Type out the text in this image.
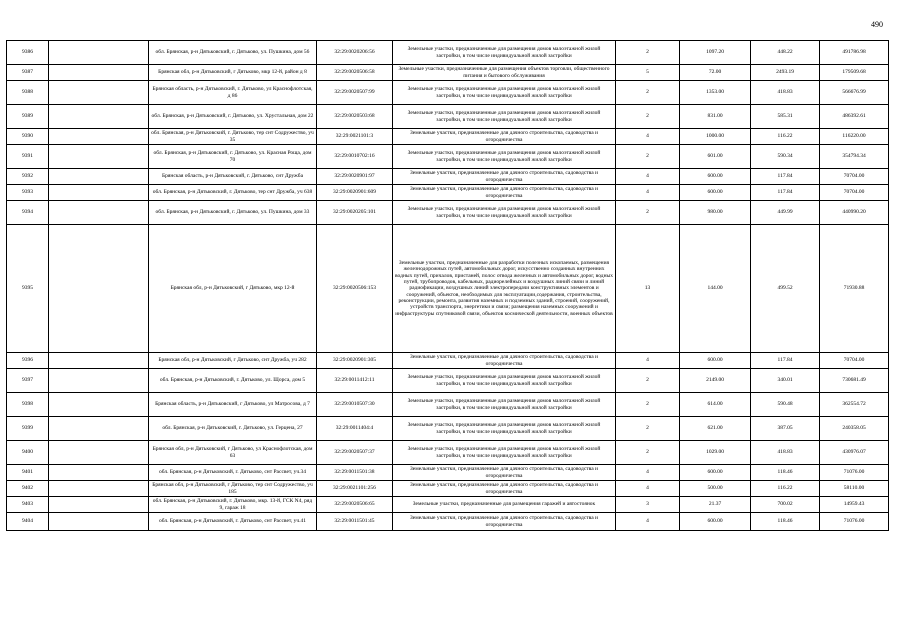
490
9386		обл. Брянская, р-н Дятьковский, г. Дятьково, ул. Пушкина, дом 56	32:29:0020206:56	Земельные участки, предназначенные для размещения домов малоэтажной жилой застройки, в том числе индивидуальной жилой застройки	2	1097.20	448.22	491786.98
9387		Брянская обл, р-н Дятьковский, г Дятьково, мкр 12-й, район д 8	32:29:0020506:58	Земельные участки, предназначенные для размещения объектов торговли, общественного питания и бытового обслуживания	5	72.00	2493.19	179509.68
9388		Брянская область, р-н Дятьковский, г. Дятьково, ул Краснофлотская, д 86	32:29:0020507:99	Земельные участки, предназначенные для размещения домов малоэтажной жилой застройки, в том числе индивидуальной жилой застройки	2	1353.00	418.83	566676.99
9389		обл. Брянская, р-н Дятьковский, г. Дятьково, ул. Хрустальная, дом 22	32:29:0020503:68	Земельные участки, предназначенные для размещения домов малоэтажной жилой застройки, в том числе индивидуальной жилой застройки	2	831.00	585.31	486392.61
9390		обл. Брянская, р-н Дятьковский, г. Дятьково, тер снт Содружество, уч 35	32:29:0021101:3	Земельные участки, предназначенные для дачного строительства, садоводства и огородничества	4	1000.00	116.22	116220.00
9391		обл. Брянская, р-н Дятьковский, г. Дятьково, ул. Красная Роща, дом 70	32:29:0010702:16	Земельные участки, предназначенные для размещения домов малоэтажной жилой застройки, в том числе индивидуальной жилой застройки	2	601.00	590.34	354794.34
9392		Брянская область, р-н Дятьковский, г. Дятьково, снт Дружба	32:29:0020901:97	Земельные участки, предназначенные для дачного строительства, садоводства и огородничества	4	600.00	117.84	70704.00
9393		обл. Брянская, р-н Дятьковский, г. Дятьково, тер снт Дружба, уч 638	32:29:0020901:609	Земельные участки, предназначенные для дачного строительства, садоводства и огородничества	4	600.00	117.84	70704.00
9394		обл. Брянская, р-н Дятьковский, г. Дятьково, ул. Пушкина, дом 33	32:29:0020205:101	Земельные участки, предназначенные для размещения домов малоэтажной жилой застройки, в том числе индивидуальной жилой застройки	2	980.00	449.99	440990.20
9395		Брянская обл, р-н Дятьковский, г Дятьково, мкр 12-й	32:29:0020506:153	Земельные участки, предназначенные для разработки полезных ископаемых, размещения железнодорожных путей, автомобильных дорог, искусственно созданных внутренних водных путей, причалов, пристаней, полос отвода железных и автомобильных дорог, водных путей, трубопроводов, кабельных, радиорелейных и воздушных линий связи и линий радиофикации, воздушных линий электропередачи конструктивных элементов и сооружений, объектов, необходимых для эксплуатации,содержания, строительства, реконструкции, ремонта, развития наземных и подземных зданий, строений, сооружений, устройств транспорта, энергетики и связи; размещения наземных сооружений и инфраструктуры спутниковой связи, объектов космической деятельности, военных объектов	13	144.00	499.52	71930.88
9396		Брянская обл, р-н Дятьковский, г Дятьково, снт Дружба, уч 282	32:29:0020901:305	Земельные участки, предназначенные для дачного строительства, садоводства и огородничества	4	600.00	117.84	70704.00
9397		обл. Брянская, р-н Дятьковский, г. Дятьково, ул. Щорса, дом 5	32:29:0011412:11	Земельные участки, предназначенные для размещения домов малоэтажной жилой застройки, в том числе индивидуальной жилой застройки	2	2149.00	340.01	730681.49
9398		Брянская область, р-н Дятьковский, г Дятьково, ул Матросова, д 7	32:29:0010507:30	Земельные участки, предназначенные для размещения домов малоэтажной жилой застройки, в том числе индивидуальной жилой застройки	2	614.00	590.48	362554.72
9399		обл. Брянская, р-н Дятьковский, г. Дятьково, ул. Герцена, 27	32:29:0011404:4	Земельные участки, предназначенные для размещения домов малоэтажной жилой застройки, в том числе индивидуальной жилой застройки	2	621.00	387.05	240358.05
9400		Брянская обл, р-н Дятьковский, г Дятьково, ул Краснофлотская, дом 63	32:29:0020507:37	Земельные участки, предназначенные для размещения домов малоэтажной жилой застройки, в том числе индивидуальной жилой застройки	2	1029.00	418.83	430976.07
9401		обл. Брянская, р-н Дятьковский, г. Дятьково, снт Рассвет, уч.34	32:29:0011501:38	Земельные участки, предназначенные для дачного строительства, садоводства и огородничества	4	600.00	118.46	71076.00
9402		Брянская обл, р-н Дятьковский, г Дятьково, тер снт Содружество, уч 185	32:29:0021101:256	Земельные участки, предназначенные для дачного строительства, садоводства и огородничества	4	500.00	116.22	58110.00
9403		обл. Брянская, р-н Дятьковский, г. Дятьково, мкр. 13-й, ГСК N4, ряд 9, гараж 18	32:29:0020506:65	Земельные участки, предназначенные для размещения гаражей и автостоянок	3	21.37	700.02	14959.43
9404		обл. Брянская, р-н Дятьковский, г. Дятьково, снт Рассвет, уч.41	32:29:0011501:45	Земельные участки, предназначенные для дачного строительства, садоводства и огородничества	4	600.00	118.46	71076.00
